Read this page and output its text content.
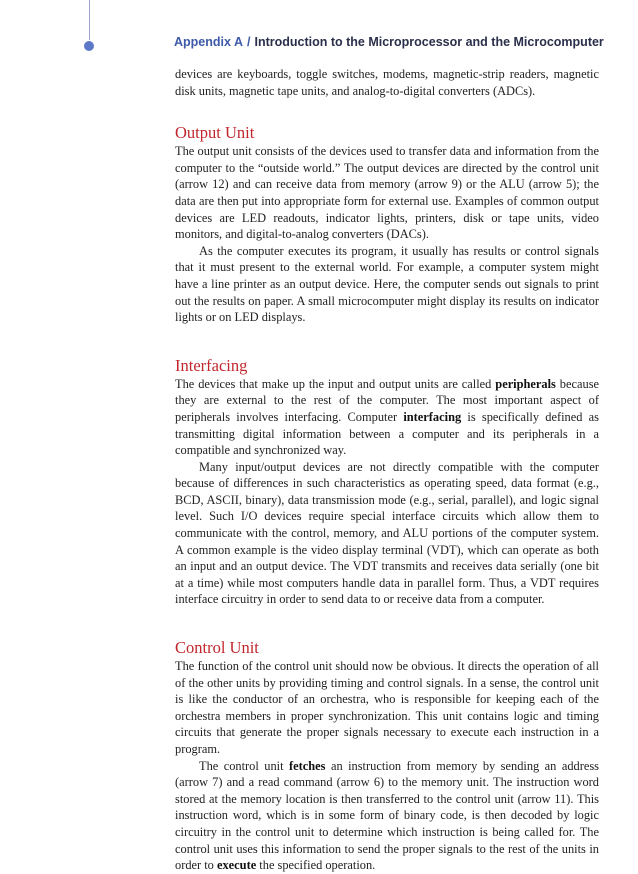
Appendix A / Introduction to the Microprocessor and the Microcomputer

devices are keyboards, toggle switches, modems, magnetic-strip readers, magnetic disk units, magnetic tape units, and analog-to-digital converters (ADCs).

Output Unit

The output unit consists of the devices used to transfer data and information from the computer to the “outside world.” The output devices are directed by the control unit (arrow 12) and can receive data from memory (arrow 9) or the ALU (arrow 5); the data are then put into appropriate form for external use. Examples of common output devices are LED readouts, indicator lights, printers, disk or tape units, video monitors, and digital-to-analog converters (DACs).

As the computer executes its program, it usually has results or control signals that it must present to the external world. For example, a computer system might have a line printer as an output device. Here, the computer sends out signals to print out the results on paper. A small microcomputer might display its results on indicator lights or on LED displays.

Interfacing

The devices that make up the input and output units are called peripherals because they are external to the rest of the computer. The most important aspect of peripherals involves interfacing. Computer interfacing is specifically defined as transmitting digital information between a computer and its peripherals in a compatible and synchronized way.

Many input/output devices are not directly compatible with the computer because of differences in such characteristics as operating speed, data format (e.g., BCD, ASCII, binary), data transmission mode (e.g., serial, parallel), and logic signal level. Such I/O devices require special interface circuits which allow them to communicate with the control, memory, and ALU portions of the computer system. A common example is the video display terminal (VDT), which can operate as both an input and an output device. The VDT transmits and receives data serially (one bit at a time) while most computers handle data in parallel form. Thus, a VDT requires interface circuitry in order to send data to or receive data from a computer.

Control Unit

The function of the control unit should now be obvious. It directs the operation of all of the other units by providing timing and control signals. In a sense, the control unit is like the conductor of an orchestra, who is responsible for keeping each of the orchestra members in proper synchronization. This unit contains logic and timing circuits that generate the proper signals necessary to execute each instruction in a program.

The control unit fetches an instruction from memory by sending an address (arrow 7) and a read command (arrow 6) to the memory unit. The instruction word stored at the memory location is then transferred to the control unit (arrow 11). This instruction word, which is in some form of binary code, is then decoded by logic circuitry in the control unit to determine which instruction is being called for. The control unit uses this information to send the proper signals to the rest of the units in order to execute the specified operation.
